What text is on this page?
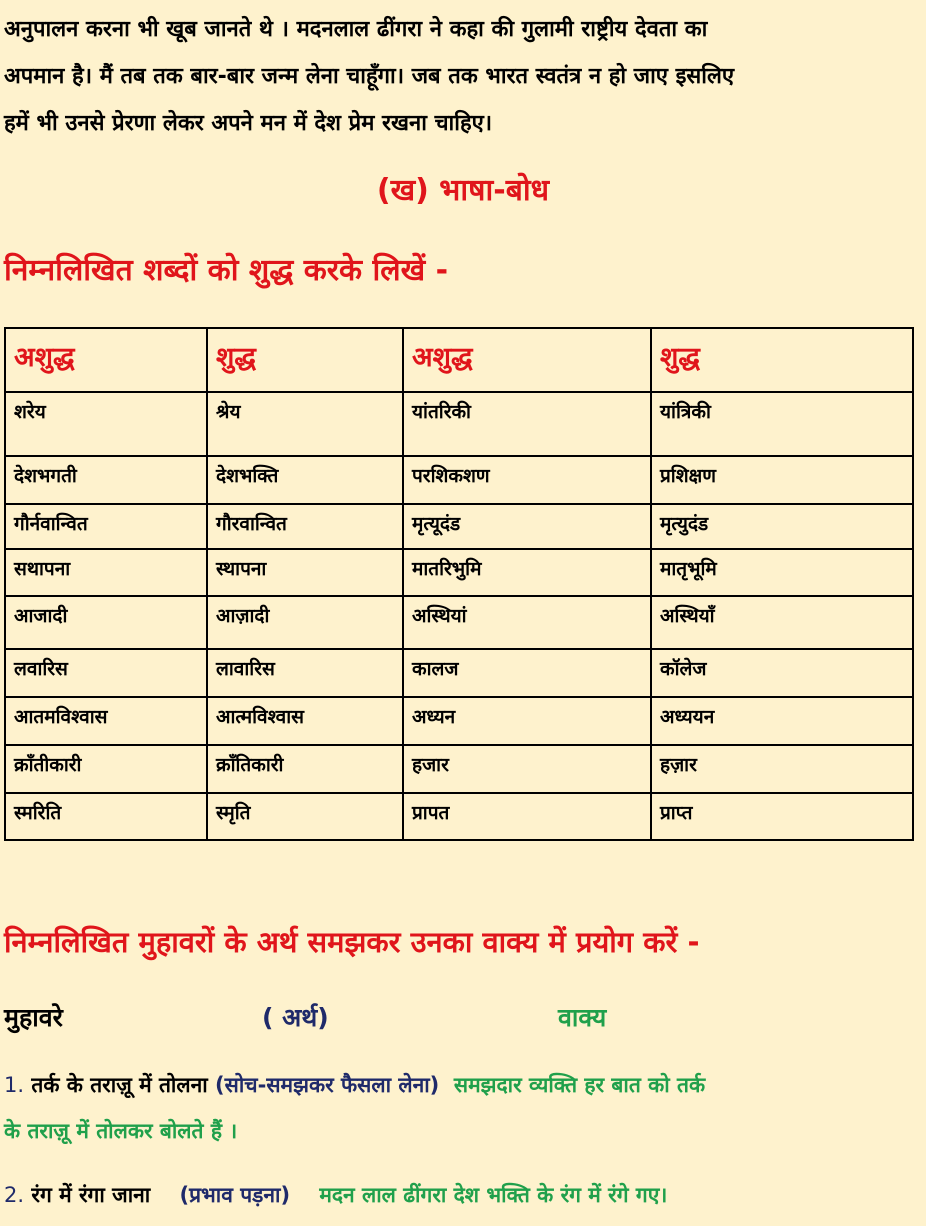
अनुपालन करना भी खूब जानते थे । मदनलाल ढींगरा ने कहा की गुलामी राष्ट्रीय देवता का
अपमान है। मैं तब तक बार-बार जन्म लेना चाहूँगा। जब तक भारत स्वतंत्र न हो जाए इसलिए
हमें भी उनसे प्रेरणा लेकर अपने मन में देश प्रेम रखना चाहिए।
(ख) भाषा-बोध
निम्नलिखित शब्दों को शुद्ध करके लिखें -
अशुद्ध	शुद्ध	अशुद्ध	शुद्ध
शरेय	श्रेय	यांतरिकी	यांत्रिकी
देशभगती	देशभक्ति	परशिकशण	प्रशिक्षण
गौर्नवान्वित	गौरवान्वित	मृत्यूदंड	मृत्युदंड
सथापना	स्थापना	मातरिभुमि	मातृभूमि
आजादी	आज़ादी	अस्थियां	अस्थियाँ
लवारिस	लावारिस	कालज	कॉलेज
आतमविश्वास	आत्मविश्वास	अध्यन	अध्ययन
क्राँतीकारी	क्राँतिकारी	हजार	हज़ार
स्मरिति	स्मृति	प्रापत	प्राप्त
निम्नलिखित मुहावरों के अर्थ समझकर उनका वाक्य में प्रयोग करें -
मुहावरे	( अर्थ)	वाक्य
1. तर्क के तराज़ू में तोलना (सोच-समझकर फैसला लेना) समझदार व्यक्ति हर बात को तर्क
के तराज़ू में तोलकर बोलते हैं ।
2. रंग में रंगा जाना (प्रभाव पड़ना) मदन लाल ढींगरा देश भक्ति के रंग में रंगे गए।
